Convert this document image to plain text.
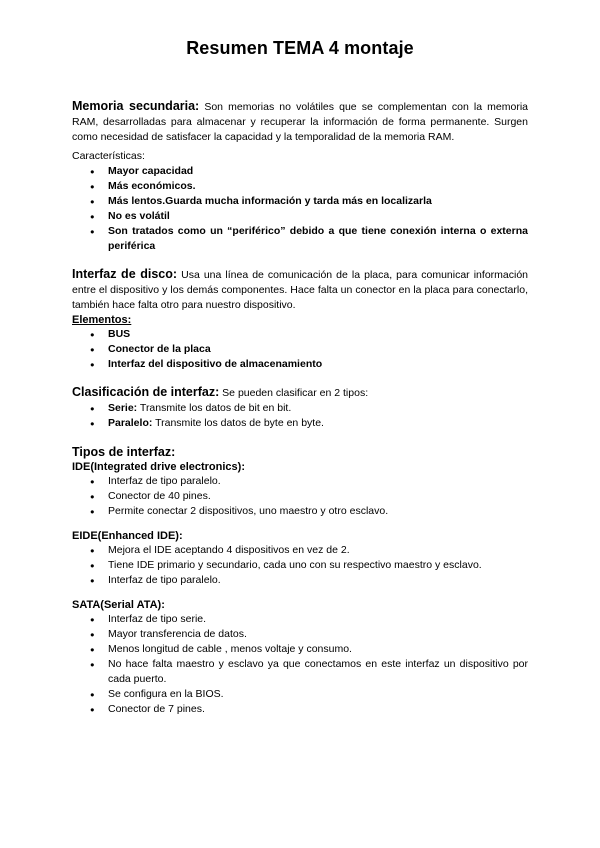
Resumen TEMA 4 montaje

Memoria secundaria: Son memorias no volátiles que se complementan con la memoria RAM, desarrolladas para almacenar y recuperar la información de forma permanente. Surgen como necesidad de satisfacer la capacidad y la temporalidad de la memoria RAM.

Características:
● Mayor capacidad
● Más económicos.
● Más lentos.Guarda mucha información y tarda más en localizarla
● No es volátil
● Son tratados como un “periférico” debido a que tiene conexión interna o externa periférica

Interfaz de disco: Usa una línea de comunicación de la placa, para comunicar información entre el dispositivo y los demás componentes. Hace falta un conector en la placa para conectarlo, también hace falta otro para nuestro dispositivo.

Elementos:
● BUS
● Conector de la placa
● Interfaz del dispositivo de almacenamiento

Clasificación de interfaz: Se pueden clasificar en 2 tipos:

● Serie: Transmite los datos de bit en bit.
● Paralelo: Transmite los datos de byte en byte.
Tipos de interfaz:
IDE(Integrated drive electronics):
● Interfaz de tipo paralelo.
● Conector de 40 pines.
● Permite conectar 2 dispositivos, uno maestro y otro esclavo.
EIDE(Enhanced IDE):
● Mejora el IDE aceptando 4 dispositivos en vez de 2.
● Tiene IDE primario y secundario, cada uno con su respectivo maestro y esclavo.
● Interfaz de tipo paralelo.
SATA(Serial ATA):
● Interfaz de tipo serie.
● Mayor transferencia de datos.
● Menos longitud de cable , menos voltaje y consumo.
● No hace falta maestro y esclavo ya que conectamos en este interfaz un dispositivo por cada puerto.
● Se configura en la BIOS.
● Conector de 7 pines.
